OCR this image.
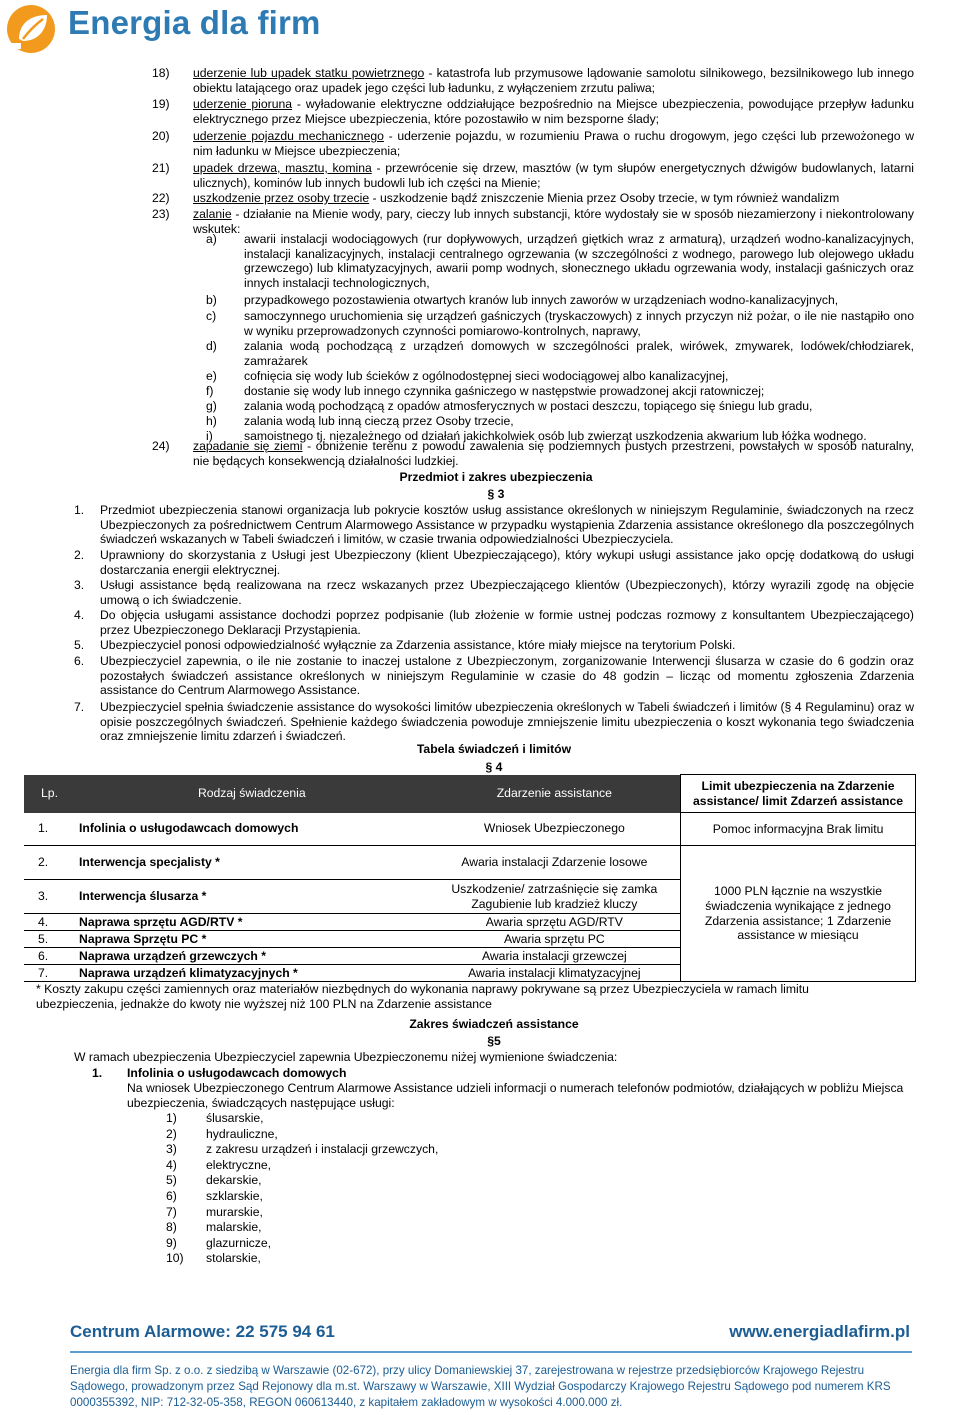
Energia dla firm
18) uderzenie lub upadek statku powietrznego - katastrofa lub przymusowe lądowanie samolotu silnikowego, bezsilnikowego lub innego obiektu latającego oraz upadek jego części lub ładunku, z wyłączeniem zrzutu paliwa;
19) uderzenie pioruna - wyładowanie elektryczne oddziałujące bezpośrednio na Miejsce ubezpieczenia, powodujące przepływ ładunku elektrycznego przez Miejsce ubezpieczenia, które pozostawiło w nim bezsporne ślady;
20) uderzenie pojazdu mechanicznego - uderzenie pojazdu, w rozumieniu Prawa o ruchu drogowym, jego części lub przewożonego w nim ładunku w Miejsce ubezpieczenia;
21) upadek drzewa, masztu, komina - przewrócenie się drzew, masztów (w tym słupów energetycznych dźwigów budowlanych, latarni ulicznych), kominów lub innych budowli lub ich części na Mienie;
22) uszkodzenie przez osoby trzecie - uszkodzenie bądź zniszczenie Mienia przez Osoby trzecie, w tym również wandalizm
23) zalanie - działanie na Mienie wody, pary, cieczy lub innych substancji, które wydostały sie w sposób niezamierzony i niekontrolowany wskutek:
a) awarii instalacji wodociągowych (rur dopływowych, urządzeń giętkich wraz z armaturą), urządzeń wodno-kanalizacyjnych, instalacji kanalizacyjnych, instalacji centralnego ogrzewania (w szczególności z wodnego, parowego lub olejowego układu grzewczego) lub klimatyzacyjnych, awarii pomp wodnych, słonecznego układu ogrzewania wody, instalacji gaśniczych oraz innych instalacji technologicznych,
b) przypadkowego pozostawienia otwartych kranów lub innych zaworów w urządzeniach wodno-kanalizacyjnych,
c) samoczynnego uruchomienia się urządzeń gaśniczych (tryskaczowych) z innych przyczyn niż pożar, o ile nie nastąpiło ono w wyniku przeprowadzonych czynności pomiarowo-kontrolnych, naprawy,
d) zalania wodą pochodzącą z urządzeń domowych w szczególności pralek, wirówek, zmywarek, lodówek/chłodziarek, zamrażarek
e) cofnięcia się wody lub ścieków z ogólnodostępnej sieci wodociągowej albo kanalizacyjnej,
f)	dostanie się wody lub innego czynnika gaśniczego w następstwie prowadzonej akcji ratowniczej;
g) zalania wodą pochodzącą z opadów atmosferycznych w postaci deszczu, topiącego się śniegu lub gradu,
h) zalania wodą lub inną cieczą przez Osoby trzecie,
i)	samoistnego tj. niezależnego od działań jakichkolwiek osób lub zwierząt uszkodzenia akwarium lub łóżka wodnego.
24) zapadanie się ziemi - obniżenie terenu z powodu zawalenia się podziemnych pustych przestrzeni, powstałych w sposób naturalny, nie będących konsekwencją działalności ludzkiej.
Przedmiot i zakres ubezpieczenia
§ 3
1. Przedmiot ubezpieczenia stanowi organizacja lub pokrycie kosztów usług assistance określonych w niniejszym Regulaminie, świadczonych na rzecz Ubezpieczonych za pośrednictwem Centrum Alarmowego Assistance w przypadku wystąpienia Zdarzenia assistance określonego dla poszczególnych świadczeń wskazanych w Tabeli świadczeń i limitów, w czasie trwania odpowiedzialności Ubezpieczyciela.
2. Uprawniony do skorzystania z Usługi jest Ubezpieczony (klient Ubezpieczającego), który wykupi usługi assistance jako opcję dodatkową do usługi dostarczania energii elektrycznej.
3. Usługi assistance będą realizowana na rzecz wskazanych przez Ubezpieczającego klientów (Ubezpieczonych), którzy wyrazili zgodę na objęcie umową o ich świadczenie.
4. Do objęcia usługami assistance dochodzi poprzez podpisanie (lub złożenie w formie ustnej podczas rozmowy z konsultantem Ubezpieczającego) przez Ubezpieczonego Deklaracji Przystąpienia.
5. Ubezpieczyciel ponosi odpowiedzialność wyłącznie za Zdarzenia assistance, które miały miejsce na terytorium Polski.
6. Ubezpieczyciel zapewnia, o ile nie zostanie to inaczej ustalone z Ubezpieczonym, zorganizowanie Interwencji ślusarza w czasie do 6 godzin oraz pozostałych świadczeń assistance określonych w niniejszym Regulaminie w czasie do 48 godzin – licząc od momentu zgłoszenia Zdarzenia assistance do Centrum Alarmowego Assistance.
7. Ubezpieczyciel spełnia świadczenie assistance do wysokości limitów ubezpieczenia określonych w Tabeli świadczeń i limitów (§ 4 Regulaminu) oraz w opisie poszczególnych świadczeń. Spełnienie każdego świadczenia powoduje zmniejszenie limitu ubezpieczenia o koszt wykonania tego świadczenia oraz zmniejszenie limitu zdarzeń i świadczeń.
Tabela świadczeń i limitów
§ 4
Lp.	Rodzaj świadczenia	Zdarzenie assistance	Limit ubezpieczenia na Zdarzenie assistance/ limit Zdarzeń assistance
1.	Infolinia o usługodawcach domowych	Wniosek Ubezpieczonego	Pomoc informacyjna Brak limitu
2.	Interwencja specjalisty *	Awaria instalacji Zdarzenie losowe	1000 PLN łącznie na wszystkie świadczenia wynikające z jednego Zdarzenia assistance; 1 Zdarzenie assistance w miesiącu
3.	Interwencja ślusarza *	Uszkodzenie/ zatrzaśnięcie się zamka Zagubienie lub kradzież kluczy	
4.	Naprawa sprzętu AGD/RTV *	Awaria sprzętu AGD/RTV	
5.	Naprawa Sprzętu PC *	Awaria sprzętu PC	
6.	Naprawa urządzeń grzewczych *	Awaria instalacji grzewczej	
7.	Naprawa urządzeń klimatyzacyjnych *	Awaria instalacji klimatyzacyjnej	
* Koszty zakupu części zamiennych oraz materiałów niezbędnych do wykonania naprawy pokrywane są przez Ubezpieczyciela w ramach limitu ubezpieczenia, jednakże do kwoty nie wyższej niż 100 PLN na Zdarzenie assistance
Zakres świadczeń assistance
§5
W ramach ubezpieczenia Ubezpieczyciel zapewnia Ubezpieczonemu niżej wymienione świadczenia:
1. Infolinia o usługodawcach domowych
Na wniosek Ubezpieczonego Centrum Alarmowe Assistance udzieli informacji o numerach telefonów podmiotów, działających w pobliżu Miejsca ubezpieczenia, świadczących następujące usługi:
1) ślusarskie,
2) hydrauliczne,
3) z zakresu urządzeń i instalacji grzewczych,
4) elektryczne,
5) dekarskie,
6) szklarskie,
7) murarskie,
8) malarskie,
9) glazurnicze,
10) stolarskie,
Centrum Alarmowe: 22 575 94 61	www.energiadlafirm.pl
Energia dla firm Sp. z o.o. z siedzibą w Warszawie (02-672), przy ulicy Domaniewskiej 37, zarejestrowana w rejestrze przedsiębiorców Krajowego Rejestru Sądowego, prowadzonym przez Sąd Rejonowy dla m.st. Warszawy w Warszawie, XIII Wydział Gospodarczy Krajowego Rejestru Sądowego pod numerem KRS 0000355392, NIP: 712-32-05-358, REGON 060613440, z kapitałem zakładowym w wysokości 4.000.000 zł.
